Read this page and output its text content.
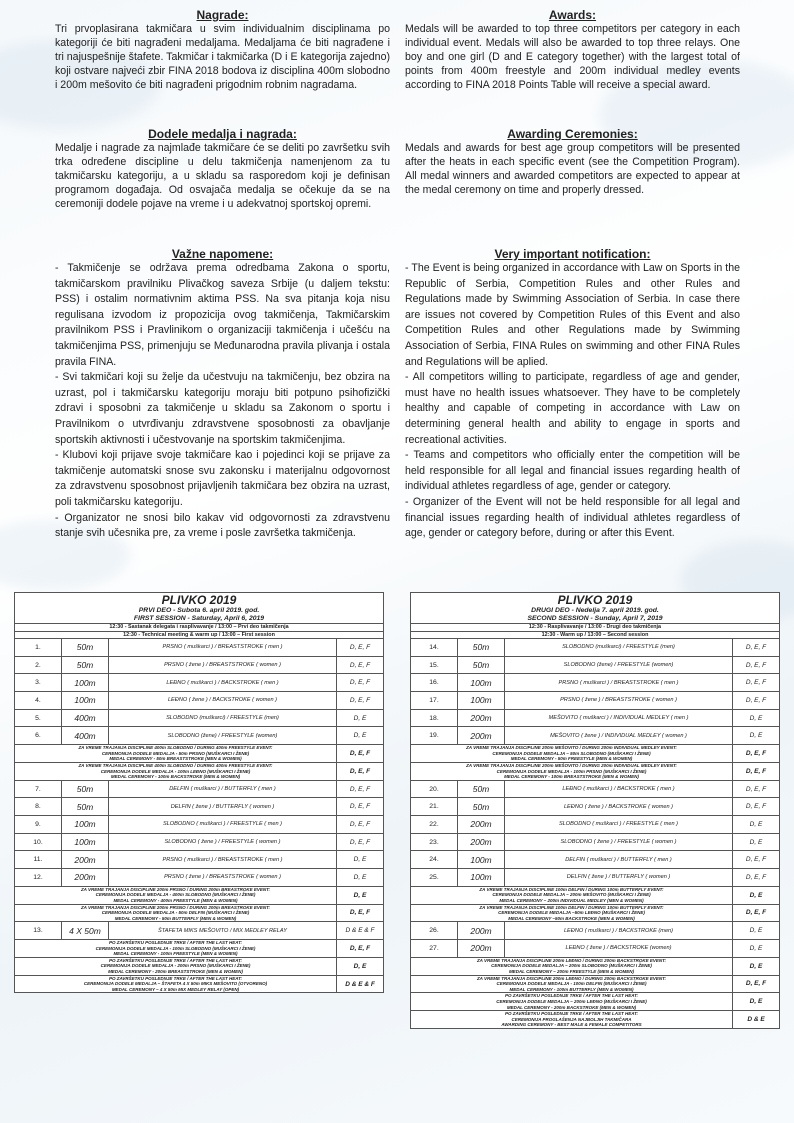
Nagrade:

Tri prvoplasirana takmičara u svim individualnim disciplinama po kategoriji će biti nagrađeni medaljama. Medaljama će biti nagrađene i tri najuspešnije štafete. Takmičar i takmičarka (D i E kategorija zajedno) koji ostvare najveći zbir FINA 2018 bodova iz disciplina 400m slobodno i 200m mešovito će biti nagrađeni prigodnim robnim nagradama.

Dodele medalja i nagrada:

Medalje i nagrade za najmlađe takmičare će se deliti po završetku svih trka određene discipline u delu takmičenja namenjenom za tu takmičarsku kategoriju, a u skladu sa rasporedom koji je definisan programom događaja. Od osvajača medalja se očekuje da se na ceremoniji dodele pojave na vreme i u adekvatnoj sportskoj opremi.

Važne napomene:

- Takmičenje se održava prema odredbama Zakona o sportu, takmičarskom pravilniku Plivačkog saveza Srbije (u daljem tekstu: PSS) i ostalim normativnim aktima PSS. Na sva pitanja koja nisu regulisana izvodom iz propozicija ovog takmičenja, Takmičarskim pravilnikom PSS i Pravlinikom o organizaciji takmičenja i učešću na takmičenjima PSS, primenjuju se Međunarodna pravila plivanja i ostala pravila FINA.

- Svi takmičari koji su želje da učestvuju na takmičenju, bez obzira na uzrast, pol i takmičarsku kategoriju moraju biti potpuno psihofizički zdravi i sposobni za takmičenje u skladu sa Zakonom o sportu i Pravilnikom o utvrđivanju zdravstvene sposobnosti za obavljanje sportskih aktivnosti i učestvovanje na sportskim takmičenjima.

- Klubovi koji prijave svoje takmičare kao i pojedinci koji se prijave za takmičenje automatski snose svu zakonsku i materijalnu odgovornost za zdravstvenu sposobnost prijavljenih takmičara bez obzira na uzrast, poli takmičarsku kategoriju.

- Organizator ne snosi bilo kakav vid odgovornosti za zdravstvenu stanje svih učesnika pre, za vreme i posle završetka takmičenja.

Awards:

Medals will be awarded to top three competitors per category in each individual event. Medals will also be awarded to top three relays. One boy and one girl (D and E category together) with the largest total of points from 400m freestyle and 200m individual medley events according to FINA 2018 Points Table will receive a special award.

Awarding Ceremonies:

Medals and awards for best age group competitors will be presented after the heats in each specific event (see the Competition Program). All medal winners and awarded competitors are expected to appear at the medal ceremony on time and properly dressed.

Very important notification:

- The Event is being organized in accordance with Law on Sports in the Republic of Serbia, Competition Rules and other Rules and Regulations made by Swimming Association of Serbia. In case there are issues not covered by Competition Rules of this Event and also Competition Rules and other Regulations made by Swimming Association of Serbia, FINA Rules on swimming and other FINA Rules and Regulations will be aplied.

- All competitors willing to participate, regardless of age and gender, must have no health issues whatsoever. They have to be completely healthy and capable of competing in accordance with Law on determining general health and ability to engage in sports and recreational activities.

- Teams and competitors who officially enter the competition will be held responsible for all legal and financial issues regarding health of individual athletes regardless of age, gender or category.

- Organizer of the Event will not be held responsible for all legal and financial issues regarding health of individual athletes regardless of age, gender or category before, during or after this Event.

PLIVKO 2019			
PRVI DEO - Subota 6. april 2019. god.			
FIRST SESSION - Saturday, April 6, 2019			
12:30 - Sastanak delegata i rasplivavanje / 13:00 – Prvi deo takmičenja			
12:30 - Technical meeting & warm up / 13:00 – First session			
1.	50m	PRSNO ( muškarci ) / BREASTSTROKE ( men )	D, E, F
2.	50m	PRSNO ( žene ) / BREASTSTROKE ( women )	D, E, F
3.	100m	LEĐNO ( muškarci ) / BACKSTROKE ( men )	D, E, F
4.	100m	LEĐNO ( žene ) / BACKSTROKE ( women )	D, E, F
5.	400m	SLOBODNO (muškarci) / FREESTYLE (men)	D, E
6.	400m	SLOBODNO (žene) / FREESTYLE (women)	D, E

ZA VREME TRAJANJA DISCIPLINE 400m SLOBODNO / DURING 400m FREESTYLE EVENT:
CEREMONIJA DODELE MEDALJA - 50m PRSNO (MUŠKARCI I ŽENE)
MEDAL CEREMONY - 50m BREASTSTROKE (MEN & WOMEN)			D, E, F

ZA VREME TRAJANJA DISCIPLINE 400m SLOBODNO / DURING 400m FREESTYLE EVENT:
CEREMONIJA DODELE MEDALJA - 100m LEĐNO (MUŠKARCI I ŽENE)
MEDAL CEREMONY - 100m BACKSTROKE (MEN & WOMEN)			D, E, F
7.	50m	DELFIN ( muškarci ) / BUTTERFLY ( men )	D, E, F
8.	50m	DELFIN ( žene ) / BUTTERFLY ( women )	D, E, F
9.	100m	SLOBODNO ( muškarci ) / FREESTYLE ( men )	D, E, F
10.	100m	SLOBODNO ( žene ) / FREESTYLE ( women )	D, E, F
11.	200m	PRSNO ( muškarci ) / BREASTSTROKE ( men )	D, E
12.	200m	PRSNO ( žene ) / BREASTSTROKE ( women )	D, E

ZA VREME TRAJANJA DISCIPLINE 200m PRSNO / DURING 200m BREASTROKE EVENT:
CEREMONIJA DODELE MEDALJA - 400m SLOBODNO (MUŠKARCI I ŽENE)
MEDAL CEREMONY - 400m FREESTYLE (MEN & WOMEN)			D, E

ZA VREME TRAJANJA DISCIPLINE 200m PRSNO / DURING 200m BREASTROKE EVENT:
CEREMONIJA DODELE MEDALJA - 50m DELFIN (MUŠKARCI I ŽENE)
MEDAL CEREMONY - 50m BUTTERFLY (MEN & WOMEN)			D, E, F
13.	4 X 50m	ŠTAFETA MIKS MEŠOVITO / MIX MEDLEY RELAY	D & E & F

PO ZAVRŠETKU POSLEDNJE TRKE / AFTER THE LAST HEAT:
CEREMONIJA DODELE MEDALJA - 100m SLOBODNO (MUŠKARCI I ŽENE)
MEDAL CEREMONY - 100m FREESTYLE (MEN & WOMEN)			D, E, F

PO ZAVRŠETKU POSLEDNJE TRKE / AFTER THE LAST HEAT:
CEREMONIJA DODELE MEDALJA - 200m PRSNO (MUŠKARCI I ŽENE)
MEDAL CEREMONY - 200m BREASTSTROKE (MEN & WOMEN)			D, E

PO ZAVRŠETKU POSLEDNJE TRKE / AFTER THE LAST HEAT:
CEREMONIJA DODELE MEDALJA – ŠTAFETA 4 X 50m MIKS MEŠOVITO (OTVORENO)
MEDAL CEREMONY – 4 X 50m MIX MEDLEY RELAY (OPEN)			D & E & F
PLIVKO 2019			
DRUGI DEO - Nedelja 7. april 2019. god.			
SECOND SESSION - Sunday, April 7, 2019			
12:30 - Rasplivavanje / 13:00 - Drugi deo takmičenja			
12:30 - Warm up / 13:00 – Second session			
14.	50m	SLOBODNO (muškarci) / FREESTYLE (men)	D, E, F
15.	50m	SLOBODNO (žene) / FREESTYLE (women)	D, E, F
16.	100m	PRSNO ( muškarci ) / BREASTSTROKE ( men )	D, E, F
17.	100m	PRSNO ( žene ) / BREASTSTROKE ( women )	D, E, F
18.	200m	MEŠOVITO ( muškarci ) / INDIVIDUAL MEDLEY ( men )	D, E
19.	200m	MEŠOVITO ( žene ) / INDIVIDUAL MEDLEY ( women )	D, E

ZA VREME TRAJANJA DISCIPLINE 200m MEŠOVITO / DURING 200m INDIVIDUAL MEDLEY EVENT:
CEREMONIJA DODELE MEDALJA – 50m SLOBODNO (MUŠKARCI I ŽENE)
MEDAL CEREMONY - 50m FREESTYLE (MEN & WOMEN)			D, E, F

ZA VREME TRAJANJA DISCIPLINE 200m MEŠOVITO / DURING 200m INDIVIDUAL MEDLEY EVENT:
CEREMONIJA DODELE MEDALJA - 100m PRSNO (MUŠKARCI I ŽENE)
MEDAL CEREMONY - 100m BREASTSTROKE (MEN & WOMEN)			D, E, F
20.	50m	LEĐNO ( muškarci ) / BACKSTROKE ( men )	D, E, F
21.	50m	LEĐNO ( žene ) / BACKSTROKE ( women )	D, E, F
22.	200m	SLOBODNO ( muškarci ) / FREESTYLE ( men )	D, E
23.	200m	SLOBODNO ( žene ) / FREESTYLE ( women )	D, E
24.	100m	DELFIN ( muškarci ) / BUTTERFLY ( men )	D, E, F
25.	100m	DELFIN ( žene ) / BUTTERFLY ( women )	D, E, F

ZA VREME TRAJANJA DISCIPLINE 100m DELFIN / DURING 100m BUTTERFLY EVENT:
CEREMONIJA DODELE MEDALJA – 200m MEŠOVITO (MUŠKARCI I ŽENE)
MEDAL CEREMONY – 200m INDIVIDUAL MEDLEY (MEN & WOMEN)			D, E

ZA VREME TRAJANJA DISCIPLINE 100m DELFIN / DURING 100m BUTTERFLY EVENT:
CEREMONIJA DODELE MEDALJA –50m LEĐNO (MUŠKARCI I ŽENE)
MEDAL CEREMONY –50m BACKSTROKE (MEN & WOMEN)			D, E, F
26.	200m	LEĐNO ( muškarci ) / BACKSTROKE (men)	D, E
27.	200m	LEĐNO ( žene ) / BACKSTROKE (women)	D, E

ZA VREME TRAJANJA DISCIPLINE 200m LEĐNO / DURING 200m BACKSTROKE EVENT:
CEREMONIJA DODELE MEDALJA – 200m SLOBODNO (MUŠKARCI I ŽENE)
MEDAL CEREMONY – 200m FREESTYLE (MEN & WOMEN)			D, E

ZA VREME TRAJANJA DISCIPLINE 200m LEĐNO / DURING 200m BACKSTROKE EVENT:
CEREMONIJA DODELE MEDALJA - 100m DELFIN (MUŠKARCI I ŽENE)
MEDAL CEREMONY - 100m BUTTERFLY (MEN & WOMEN)			D, E, F

PO ZAVRŠETKU POSLEDNJE TRKE / AFTER THE LAST HEAT:
CEREMONIJA DODELE MEDALJA – 200m LEĐNO (MUŠKARCI I ŽENE)
MEDAL CEREMONY - 200m BACKSTROKE (MEN & WOMEN)			D, E

PO ZAVRŠETKU POSLEDNJE TRKE / AFTER THE LAST HEAT:
CEREMONIJA PROGLAŠENJA NAJBOLJIH TAKMIČARA
AWARDING CEREMONY - BEST MALE & FEMALE COMPETITORS			D & E
